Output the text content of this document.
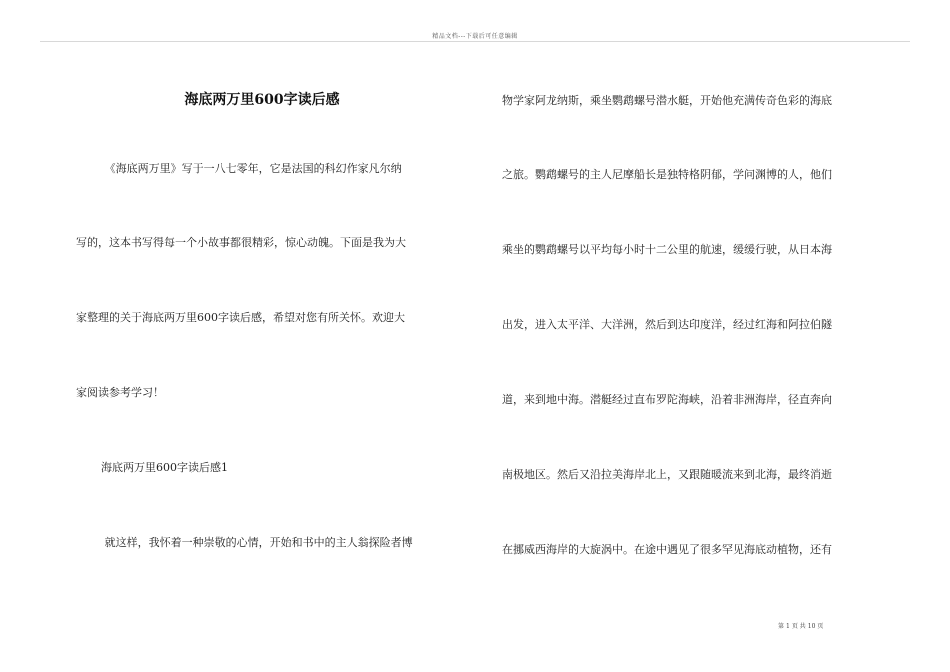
精品文档---下载后可任意编辑
海底两万里600字读后感
《海底两万里》写于一八七零年，它是法国的科幻作家凡尔纳
写的，这本书写得每一个小故事都很精彩，惊心动魄。下面是我为大
家整理的关于海底两万里600字读后感，希望对您有所关怀。欢迎大
家阅读参考学习！
海底两万里600字读后感1
就这样，我怀着一种崇敬的心情，开始和书中的主人翁探险者博
物学家阿龙纳斯，乘坐鹦鹉螺号潜水艇，开始他充满传奇色彩的海底
之旅。鹦鹉螺号的主人尼摩船长是独特格阴郁，学问渊博的人，他们
乘坐的鹦鹉螺号以平均每小时十二公里的航速，缓缓行驶，从日本海
出发，进入太平洋、大洋洲，然后到达印度洋，经过红海和阿拉伯隧
道，来到地中海。潜艇经过直布罗陀海峡，沿着非洲海岸，径直奔向
南极地区。然后又沿拉美海岸北上，又跟随暖流来到北海，最终消逝
在挪威西海岸的大旋涡中。在途中遇见了很多罕见海底动植物，还有
第 1 页 共 10 页
